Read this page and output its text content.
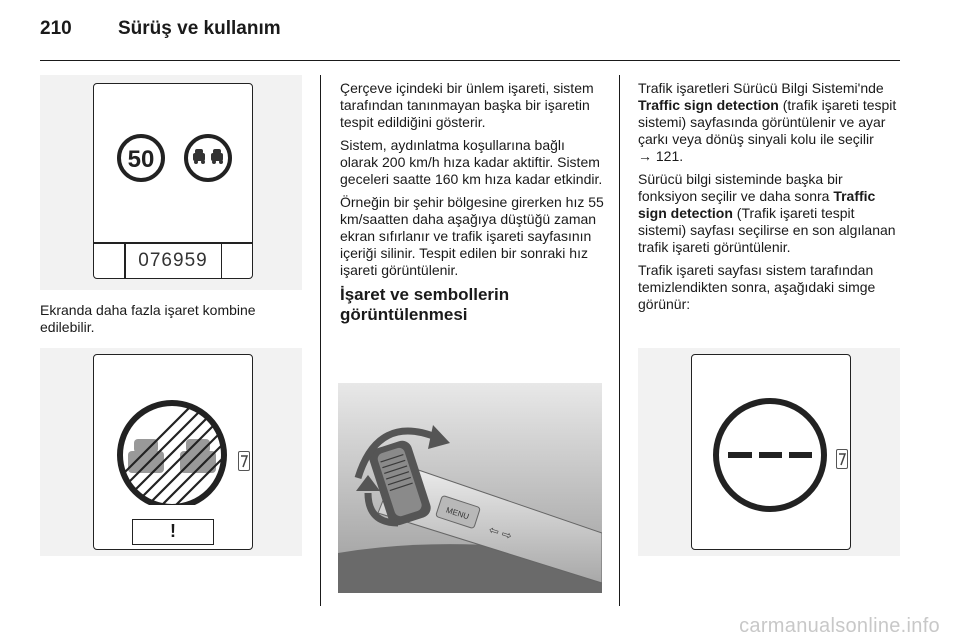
210 Sürüş ve kullanım
50
076959

Ekranda daha fazla işaret kombine edilebilir.

!

Çerçeve içindeki bir ünlem işareti, sistem tarafından tanınmayan başka bir işaretin tespit edildiğini gösterir.

Sistem, aydınlatma koşullarına bağlı olarak 200 km/h hıza kadar aktiftir. Sistem geceleri saatte 160 km hıza kadar etkindir.

Örneğin bir şehir bölgesine girerken hız 55 km/saatten daha aşağıya düştüğü zaman ekran sıfırlanır ve trafik işareti sayfasının içeriği silinir. Tespit edilen bir sonraki hız işareti görüntülenir.

İşaret ve sembollerin görüntülenmesi
MENU
⇦ ⇨

Trafik işaretleri Sürücü Bilgi Sistemi'nde Traffic sign detection (trafik işareti tespit sistemi) sayfasında görüntülenir ve ayar çarkı veya dönüş sinyali kolu ile seçilir
→ 121.

Sürücü bilgi sisteminde başka bir fonksiyon seçilir ve daha sonra Traffic sign detection (Trafik işareti tespit sistemi) sayfası seçilirse en son algılanan trafik işareti görüntülenir.

Trafik işareti sayfası sistem tarafından temizlendikten sonra, aşağıdaki simge görünür:

carmanualsonline.info
